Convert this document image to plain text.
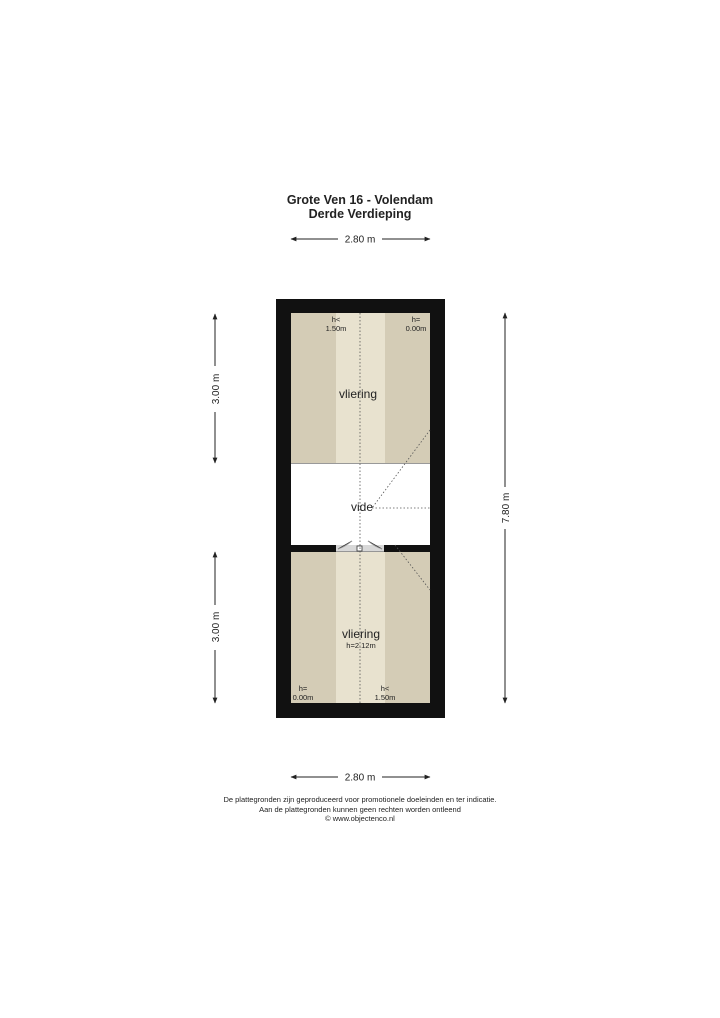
Grote Ven 16 - Volendam
Derde Verdieping
2.80 m
vliering
vide
vliering
h=2.12m
h<
1.50m
h=
0.00m
h=
0.00m
h<
1.50m
3.00 m
3.00 m
7.80 m
2.80 m
De plattegronden zijn geproduceerd voor promotionele doeleinden en ter indicatie.
Aan de plattegronden kunnen geen rechten worden ontleend
© www.objectenco.nl
